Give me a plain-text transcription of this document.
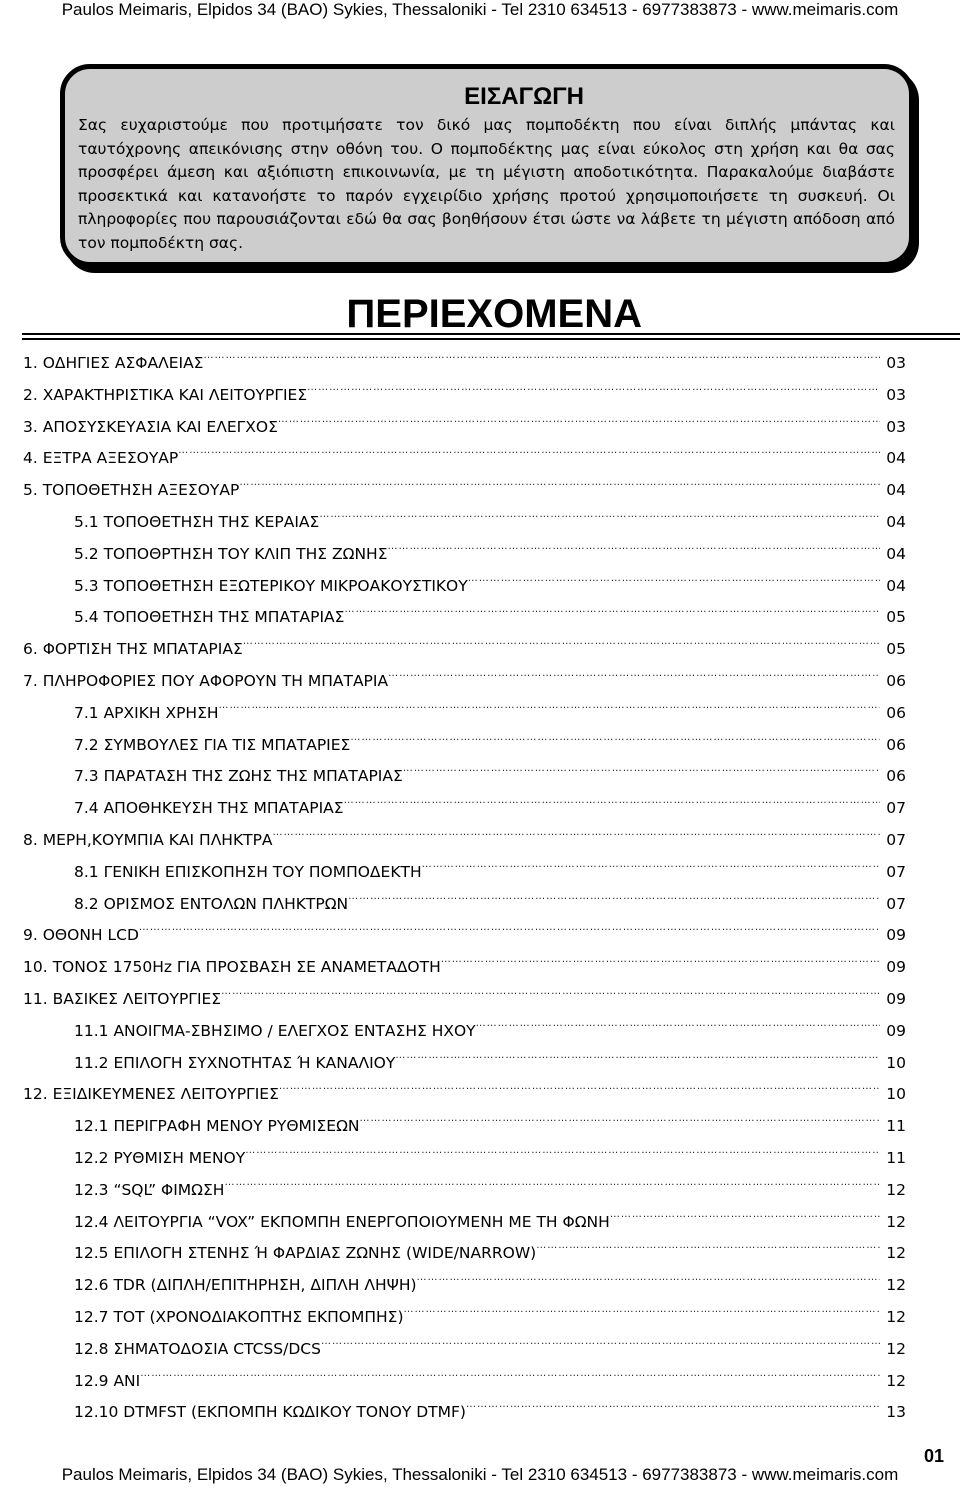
Paulos Meimaris, Elpidos 34 (BAO) Sykies, Thessaloniki - Tel 2310 634513 - 6977383873 - www.meimaris.com
ΕΙΣΑΓΩΓΗ
Σας ευχαριστούμε που προτιμήσατε τον δικό μας πομποδέκτη που είναι διπλής μπάντας και ταυτόχρονης απεικόνισης στην οθόνη του. Ο πομποδέκτης μας είναι εύκολος στη χρήση και θα σας προσφέρει άμεση και αξιόπιστη επικοινωνία, με τη μέγιστη αποδοτικότητα. Παρακαλούμε διαβάστε προσεκτικά και κατανοήστε το παρόν εγχειρίδιο χρήσης προτού χρησιμοποιήσετε τη συσκευή. Οι πληροφορίες που παρουσιάζονται εδώ θα σας βοηθήσουν έτσι ώστε να λάβετε τη μέγιστη απόδοση από τον πομποδέκτη σας.
ΠΕΡΙΕΧΟΜΕΝΑ
1. ΟΔΗΓΙΕΣ ΑΣΦΑΛΕΙΑΣ …………………………………………………………………………………………………………………………………………………………………………………………	03
2. ΧΑΡΑΚΤΗΡΙΣΤΙΚΑ ΚΑΙ ΛΕΙΤΟΥΡΓΙΕΣ …………………………………………………………………………………………………………………………………………………………………………………………	03
3. ΑΠΟΣΥΣΚΕΥΑΣΙΑ ΚΑΙ ΕΛΕΓΧΟΣ …………………………………………………………………………………………………………………………………………………………………………………………	03
4. ΕΞΤΡΑ ΑΞΕΣΟΥΑΡ …………………………………………………………………………………………………………………………………………………………………………………………	04
5. ΤΟΠΟΘΕΤΗΣΗ ΑΞΕΣΟΥΑΡ …………………………………………………………………………………………………………………………………………………………………………………………	04
5.1 ΤΟΠΟΘΕΤΗΣΗ ΤΗΣ ΚΕΡΑΙΑΣ …………………………………………………………………………………………………………………………………………………………………………………………	04
5.2 ΤΟΠΟΘΡΤΗΣΗ ΤΟΥ ΚΛΙΠ ΤΗΣ ΖΩΝΗΣ …………………………………………………………………………………………………………………………………………………………………………………………	04
5.3 ΤΟΠΟΘΕΤΗΣΗ ΕΞΩΤΕΡΙΚΟΥ ΜΙΚΡΟΑΚΟΥΣΤΙΚΟΥ …………………………………………………………………………………………………………………………………………………………………………………………	04
5.4 ΤΟΠΟΘΕΤΗΣΗ ΤΗΣ ΜΠΑΤΑΡΙΑΣ …………………………………………………………………………………………………………………………………………………………………………………………	05
6. ΦΟΡΤΙΣΗ ΤΗΣ ΜΠΑΤΑΡΙΑΣ …………………………………………………………………………………………………………………………………………………………………………………………	05
7. ΠΛΗΡΟΦΟΡΙΕΣ ΠΟΥ ΑΦΟΡΟΥΝ ΤΗ ΜΠΑΤΑΡΙΑ …………………………………………………………………………………………………………………………………………………………………………………………	06
7.1 ΑΡΧΙΚΗ ΧΡΗΣΗ …………………………………………………………………………………………………………………………………………………………………………………………	06
7.2 ΣΥΜΒΟΥΛΕΣ ΓΙΑ ΤΙΣ ΜΠΑΤΑΡΙΕΣ …………………………………………………………………………………………………………………………………………………………………………………………	06
7.3 ΠΑΡΑΤΑΣΗ ΤΗΣ ΖΩΗΣ ΤΗΣ ΜΠΑΤΑΡΙΑΣ …………………………………………………………………………………………………………………………………………………………………………………………	06
7.4 ΑΠΟΘΗΚΕΥΣΗ ΤΗΣ ΜΠΑΤΑΡΙΑΣ …………………………………………………………………………………………………………………………………………………………………………………………	07
8. ΜΕΡΗ,ΚΟΥΜΠΙΑ ΚΑΙ ΠΛΗΚΤΡΑ …………………………………………………………………………………………………………………………………………………………………………………………	07
8.1 ΓΕΝΙΚΗ ΕΠΙΣΚΟΠΗΣΗ ΤΟΥ ΠΟΜΠΟΔΕΚΤΗ …………………………………………………………………………………………………………………………………………………………………………………………	07
8.2 ΟΡΙΣΜΟΣ ΕΝΤΟΛΩΝ ΠΛΗΚΤΡΩΝ …………………………………………………………………………………………………………………………………………………………………………………………	07
9. ΟΘΟΝΗ LCD …………………………………………………………………………………………………………………………………………………………………………………………	09
10. ΤΟΝΟΣ 1750Hz ΓΙΑ ΠΡΟΣΒΑΣΗ ΣΕ ΑΝΑΜΕΤΑΔΟΤΗ …………………………………………………………………………………………………………………………………………………………………………………………	09
11. ΒΑΣΙΚΕΣ ΛΕΙΤΟΥΡΓΙΕΣ …………………………………………………………………………………………………………………………………………………………………………………………	09
11.1 ΑΝΟΙΓΜΑ-ΣΒΗΣΙΜΟ / ΕΛΕΓΧΟΣ ΕΝΤΑΣΗΣ ΗΧΟΥ …………………………………………………………………………………………………………………………………………………………………………………………	09
11.2 ΕΠΙΛΟΓΗ ΣΥΧΝΟΤΗΤΑΣ Ή ΚΑΝΑΛΙΟΥ …………………………………………………………………………………………………………………………………………………………………………………………	10
12. ΕΞΙΔΙΚΕΥΜΕΝΕΣ ΛΕΙΤΟΥΡΓΙΕΣ …………………………………………………………………………………………………………………………………………………………………………………………	10
12.1 ΠΕΡΙΓΡΑΦΗ ΜΕΝΟΥ ΡΥΘΜΙΣΕΩΝ …………………………………………………………………………………………………………………………………………………………………………………………	11
12.2 ΡΥΘΜΙΣΗ ΜΕΝΟΥ …………………………………………………………………………………………………………………………………………………………………………………………	11
12.3 “SQL” ΦΙΜΩΣΗ …………………………………………………………………………………………………………………………………………………………………………………………	12
12.4 ΛΕΙΤΟΥΡΓΙΑ “VOX” ΕΚΠΟΜΠΗ ΕΝΕΡΓΟΠΟΙΟΥΜΕΝΗ ΜΕ ΤΗ ΦΩΝΗ …………………………………………………………………………………………………………………………………………………………………………………………	12
12.5 ΕΠΙΛΟΓΗ ΣΤΕΝΗΣ Ή ΦΑΡΔΙΑΣ ΖΩΝΗΣ (WIDE/NARROW) …………………………………………………………………………………………………………………………………………………………………………………………	12
12.6 TDR (ΔΙΠΛΗ/ΕΠΙΤΗΡΗΣΗ, ΔΙΠΛΗ ΛΗΨΗ) …………………………………………………………………………………………………………………………………………………………………………………………	12
12.7 TOT (ΧΡΟΝΟΔΙΑΚΟΠΤΗΣ ΕΚΠΟΜΠΗΣ) …………………………………………………………………………………………………………………………………………………………………………………………	12
12.8 ΣΗΜΑΤΟΔΟΣΙΑ CTCSS/DCS …………………………………………………………………………………………………………………………………………………………………………………………	12
12.9 ANI …………………………………………………………………………………………………………………………………………………………………………………………	12
12.10 DTMFST (ΕΚΠΟΜΠΗ ΚΩΔΙΚΟΥ ΤΟΝΟΥ DTMF) …………………………………………………………………………………………………………………………………………………………………………………………	13
01
Paulos Meimaris, Elpidos 34 (BAO) Sykies, Thessaloniki - Tel 2310 634513 - 6977383873 - www.meimaris.com
